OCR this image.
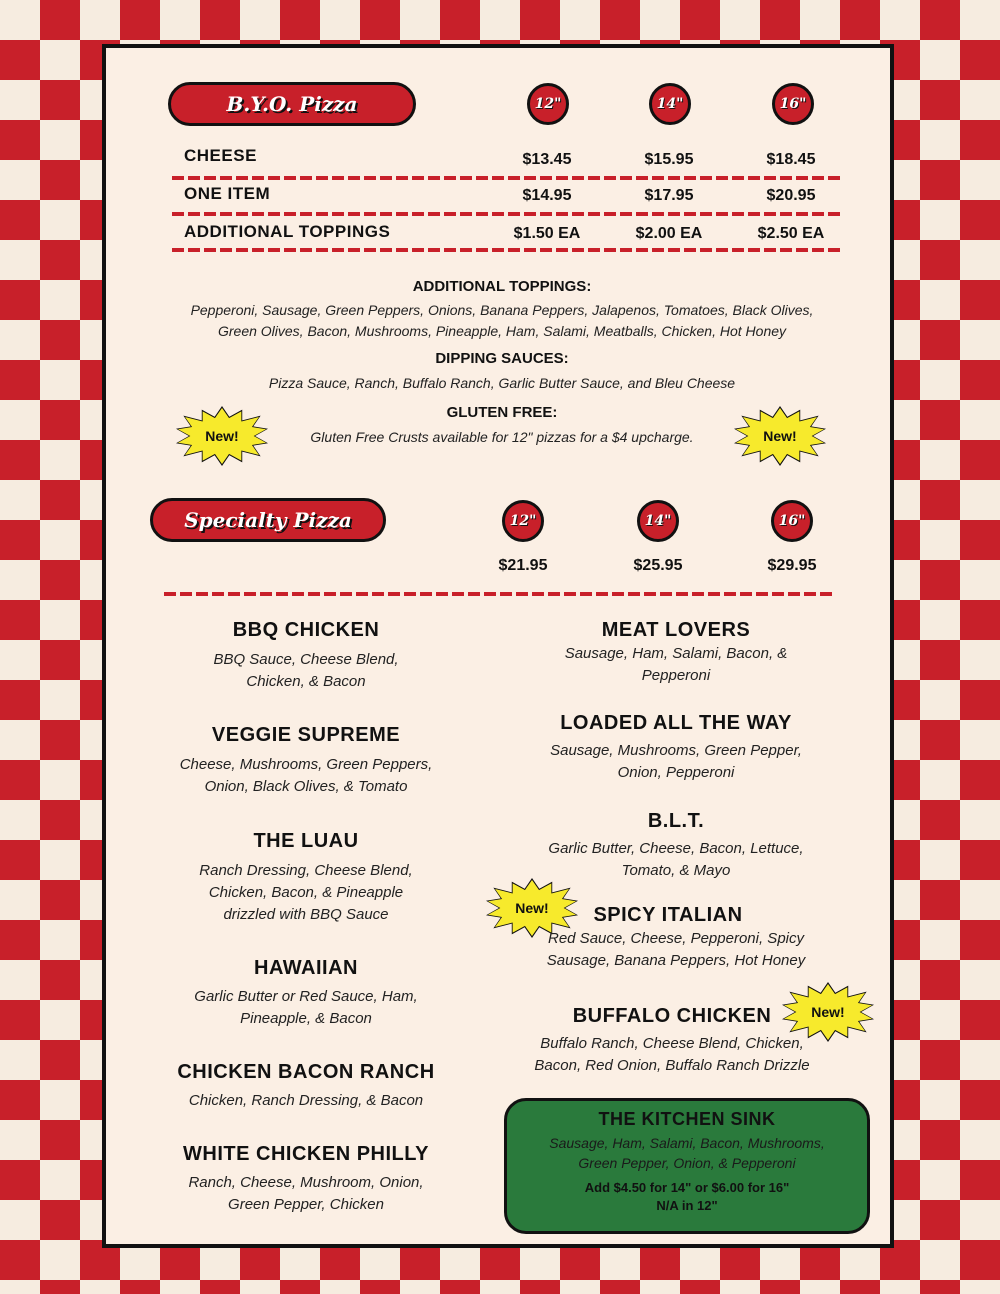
B.Y.O. Pizza	12"	14"	16"
CHEESE	$13.45	$15.95	$18.45
ONE ITEM	$14.95	$17.95	$20.95
ADDITIONAL TOPPINGS	$1.50 EA	$2.00 EA	$2.50 EA
ADDITIONAL TOPPINGS:
Pepperoni, Sausage, Green Peppers, Onions, Banana Peppers, Jalapenos, Tomatoes, Black Olives,
Green Olives, Bacon, Mushrooms, Pineapple, Ham, Salami, Meatballs, Chicken, Hot Honey
DIPPING SAUCES:
Pizza Sauce, Ranch, Buffalo Ranch, Garlic Butter Sauce, and Bleu Cheese
GLUTEN FREE:
Gluten Free Crusts available for 12" pizzas for a $4 upcharge.
New!	New!
Specialty Pizza	12"	14"	16"
$21.95	$25.95	$29.95
BBQ CHICKEN
BBQ Sauce, Cheese Blend,
Chicken, & Bacon
VEGGIE SUPREME
Cheese, Mushrooms, Green Peppers,
Onion, Black Olives, & Tomato
THE LUAU
Ranch Dressing, Cheese Blend,
Chicken, Bacon, & Pineapple
drizzled with BBQ Sauce
HAWAIIAN
Garlic Butter or Red Sauce, Ham,
Pineapple, & Bacon
CHICKEN BACON RANCH
Chicken, Ranch Dressing, & Bacon
WHITE CHICKEN PHILLY
Ranch, Cheese, Mushroom, Onion,
Green Pepper, Chicken
MEAT LOVERS
Sausage, Ham, Salami, Bacon, &
Pepperoni
LOADED ALL THE WAY
Sausage, Mushrooms, Green Pepper,
Onion, Pepperoni
B.L.T.
Garlic Butter, Cheese, Bacon, Lettuce,
Tomato, & Mayo
New!	SPICY ITALIAN
Red Sauce, Cheese, Pepperoni, Spicy
Sausage, Banana Peppers, Hot Honey
BUFFALO CHICKEN	New!
Buffalo Ranch, Cheese Blend, Chicken,
Bacon, Red Onion, Buffalo Ranch Drizzle
THE KITCHEN SINK
Sausage, Ham, Salami, Bacon, Mushrooms,
Green Pepper, Onion, & Pepperoni
Add $4.50 for 14" or $6.00 for 16"
N/A in 12"
